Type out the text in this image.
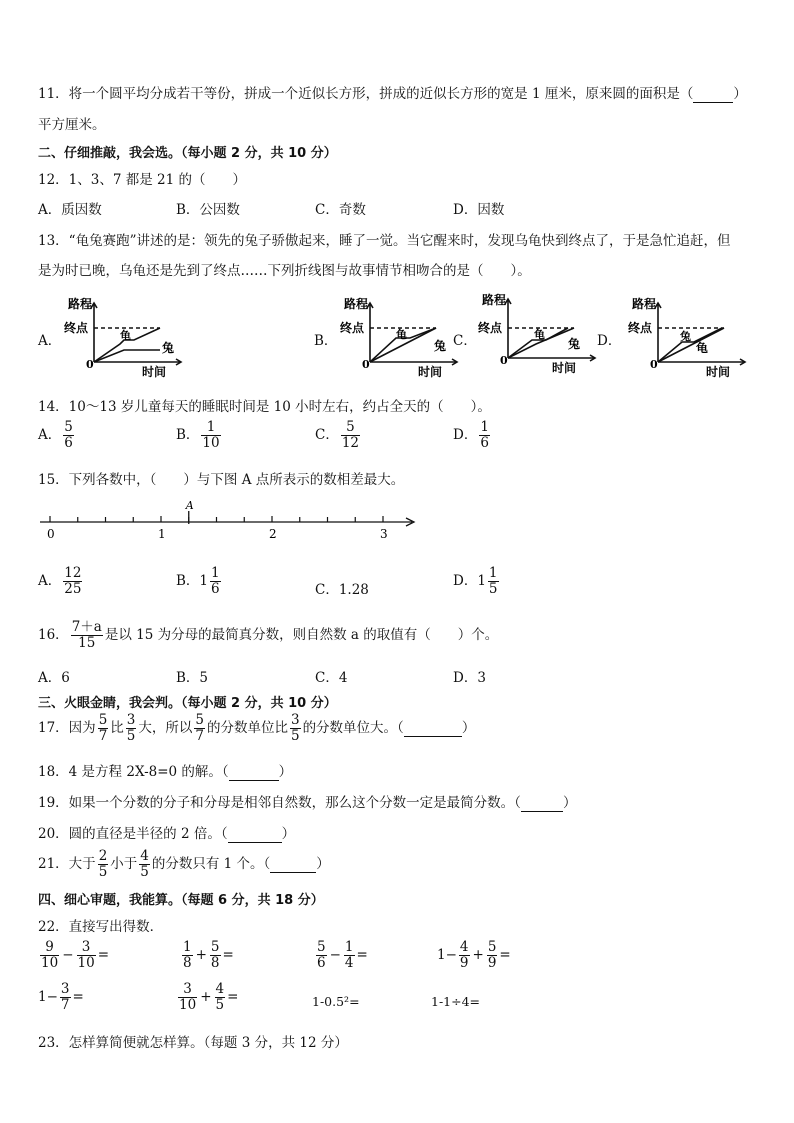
11．将一个圆平均分成若干等份，拼成一个近似长方形，拼成的近似长方形的宽是 1 厘米，原来圆的面积是（	）
平方厘米。
二、仔细推敲，我会选。（每小题 2 分，共 10 分）
12．1、3、7 都是 21 的（　　）
A．质因数	B．公因数	C．奇数	D．因数
13．“龟兔赛跑”讲述的是：领先的兔子骄傲起来，睡了一觉。当它醒来时，发现乌龟快到终点了，于是急忙追赶，但
是为时已晚，乌龟还是先到了终点……下列折线图与故事情节相吻合的是（　　）。
A．	B．	C．	D．
路程
终点
0
时间
龟
兔
路程
终点
0
时间
龟
兔
路程
终点
0
时间
龟
兔
路程
终点
0
时间
兔
龟
14．10～13 岁儿童每天的睡眠时间是 10 小时左右，约占全天的（　　）。
A． $\frac{5}{6}$	B． $\frac{1}{10}$	C． $\frac{5}{12}$	D． $\frac{1}{6}$
15．下列各数中，（　　）与下图 A 点所表示的数相差最大。
0	1	2	3
A
A． $\frac{12}{25}$	B．$1 \frac{1}{6}$	C．1.28
D．$1 \frac{1}{5}$
16． $\frac{7+a}{15}$ 是以 15 为分母的最简真分数，则自然数 a 的取值有（　　）个。
A．6	B．5	C．4	D．3
三、火眼金睛，我会判。（每小题 2 分，共 10 分）
17．因为 $\frac{5}{7}$ 比 $\frac{3}{5}$ 大，所以 $\frac{5}{7}$ 的分数单位比 $\frac{3}{5}$ 的分数单位大。（	）
18．4 是方程 2X-8=0 的解。（	）
19．如果一个分数的分子和分母是相邻自然数，那么这个分数一定是最简分数。（	）
20．圆的直径是半径的 2 倍。（	）
21．大于 $\frac{2}{5}$ 小于 $\frac{4}{5}$ 的分数只有 1 个。（	）
四、细心审题，我能算。（每题 6 分，共 18 分）
22．直接写出得数．
$\frac{9}{10} - \frac{3}{10}$ =	$\frac{1}{8} + \frac{5}{8}$ =	$\frac{5}{6} - \frac{1}{4}$ =	$1- \frac{4}{9} + \frac{5}{9}$ =
$1- \frac{3}{7}$ =	$\frac{3}{10} + \frac{4}{5}$ =	1-0.5²=	1-1÷4=
23．怎样算简便就怎样算。（每题 3 分，共 12 分）
